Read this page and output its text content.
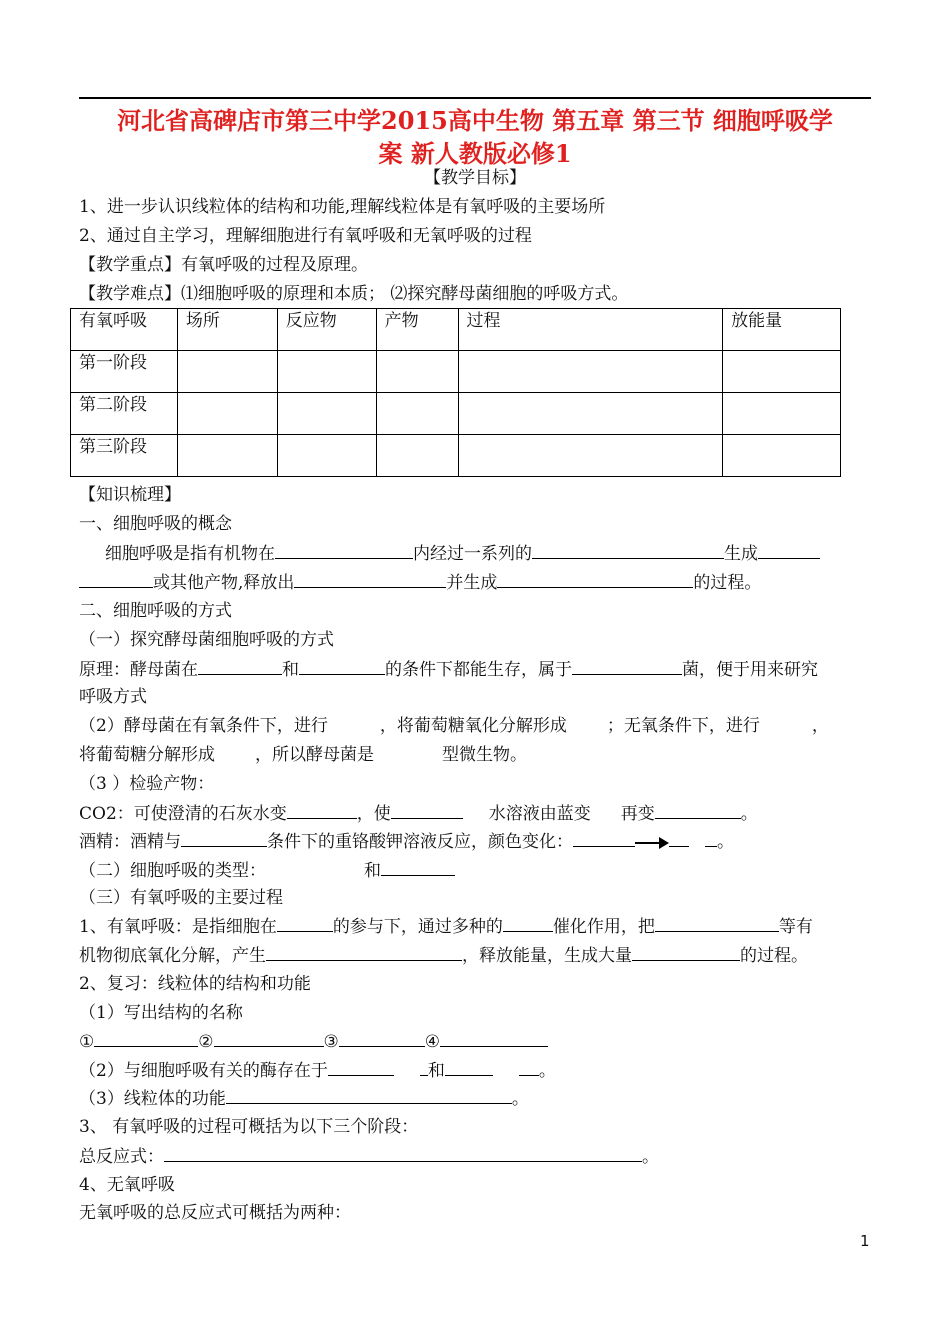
河北省高碑店市第三中学2015高中生物 第五章 第三节 细胞呼吸学
案 新人教版必修1
【教学目标】
1、进一步认识线粒体的结构和功能,理解线粒体是有氧呼吸的主要场所
2、通过自主学习，理解细胞进行有氧呼吸和无氧呼吸的过程
【教学重点】有氧呼吸的过程及原理。
【教学难点】⑴细胞呼吸的原理和本质； ⑵探究酵母菌细胞的呼吸方式。
有氧呼吸	场所	反应物	产物	过程	放能量
第一阶段					
第二阶段					
第三阶段					
【知识梳理】
一、细胞呼吸的概念
细胞呼吸是指有机物在	内经过一系列的	生成
或其他产物,释放出	并生成	的过程。
二、细胞呼吸的方式
（一）探究酵母菌细胞呼吸的方式
原理：酵母菌在	和	的条件下都能生存，属于	菌，便于用来研究
呼吸方式
（2）酵母菌在有氧条件下，进行	，将葡萄糖氧化分解形成 ；无氧条件下，进行	，
将葡萄糖分解形成 ，所以酵母菌是	型微生物。
（3 ）检验产物：
CO2：可使澄清的石灰水变	，使	水溶液由蓝变 再变	。
酒精：酒精与	条件下的重铬酸钾溶液反应，颜色变化：	。
（二）细胞呼吸的类型：	和
（三）有氧呼吸的主要过程
1、有氧呼吸：是指细胞在	的参与下，通过多种的	催化作用，把	等有
机物彻底氧化分解，产生	，释放能量，生成大量	的过程。
2、复习：线粒体的结构和功能
（1）写出结构的名称
①	②	③	④
（2）与细胞呼吸有关的酶存在于	和	。
（3）线粒体的功能	。
3、 有氧呼吸的过程可概括为以下三个阶段：
总反应式：	。
4、无氧呼吸
无氧呼吸的总反应式可概括为两种：
1
